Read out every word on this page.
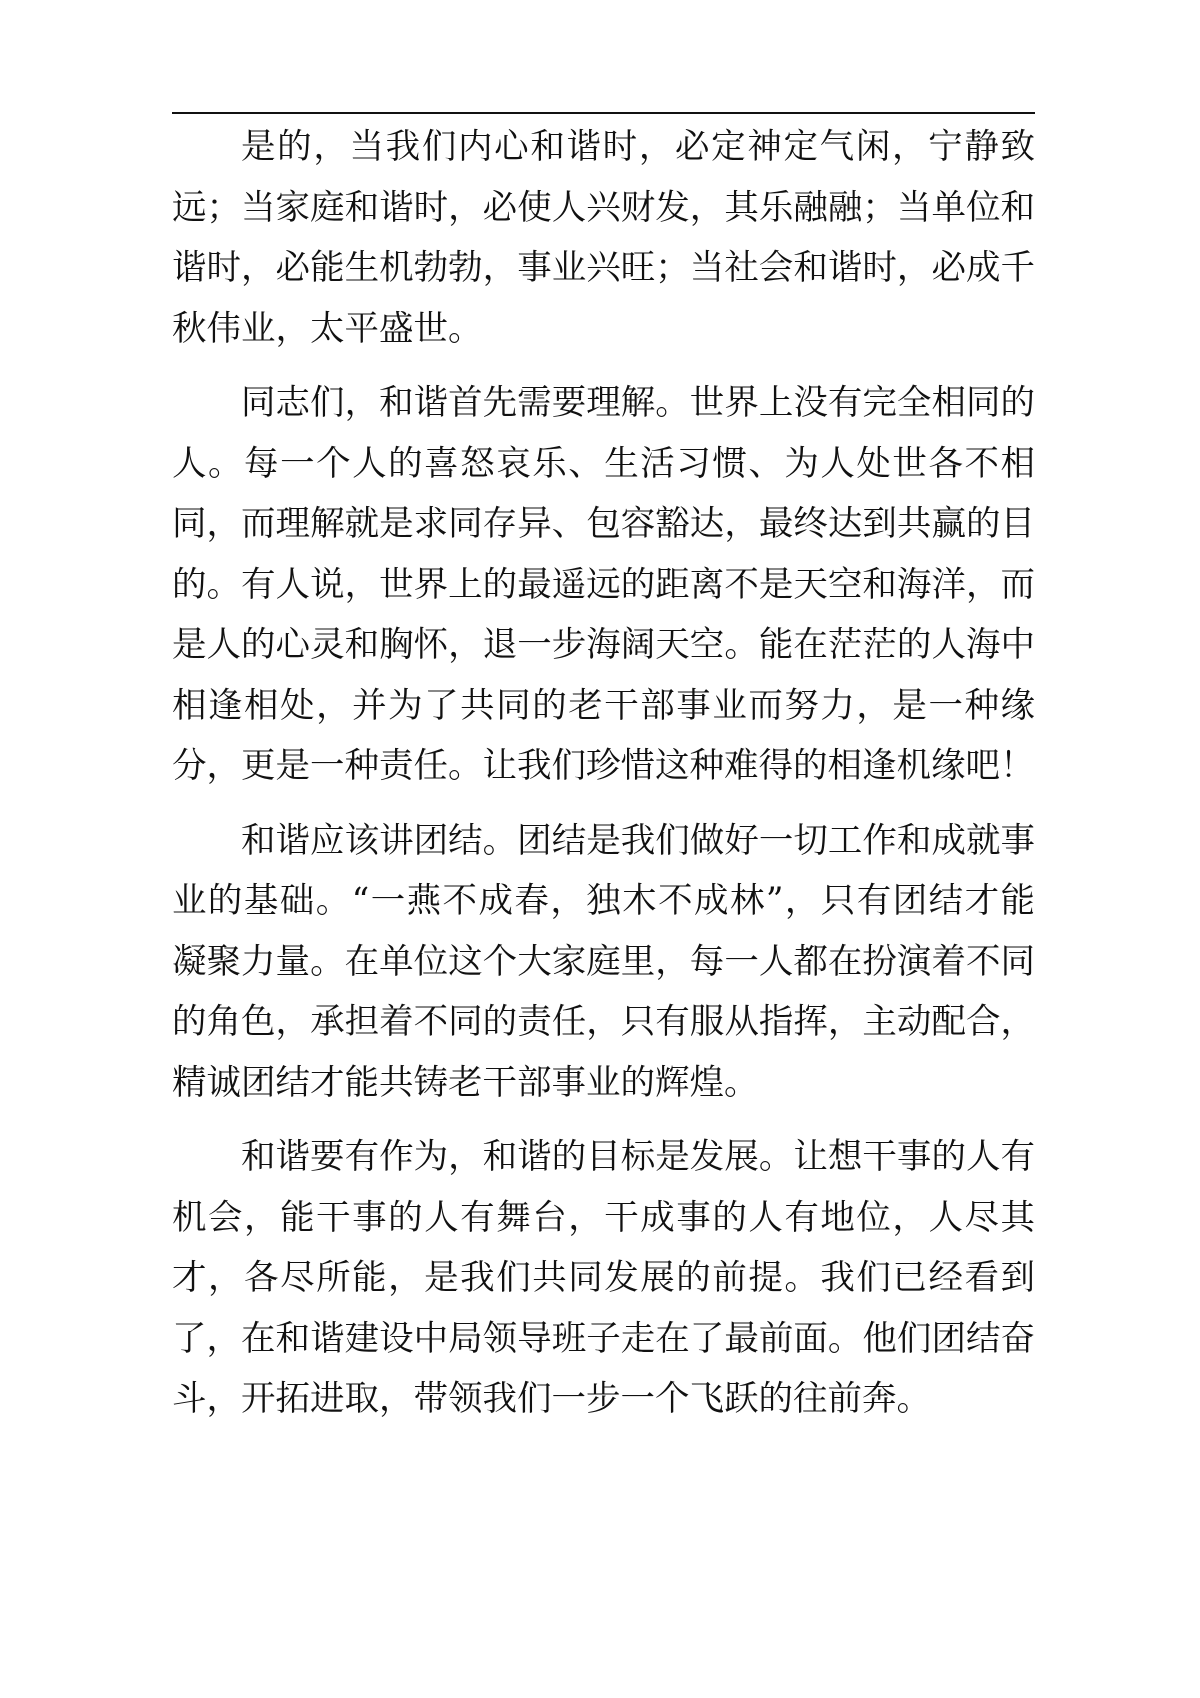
是的，当我们内心和谐时，必定神定气闲，宁静致远；当家庭和谐时，必使人兴财发，其乐融融；当单位和谐时，必能生机勃勃，事业兴旺；当社会和谐时，必成千秋伟业，太平盛世。

同志们，和谐首先需要理解。世界上没有完全相同的人。每一个人的喜怒哀乐、生活习惯、为人处世各不相同，而理解就是求同存异、包容豁达，最终达到共赢的目的。有人说，世界上的最遥远的距离不是天空和海洋，而是人的心灵和胸怀，退一步海阔天空。能在茫茫的人海中相逢相处，并为了共同的老干部事业而努力，是一种缘分，更是一种责任。让我们珍惜这种难得的相逢机缘吧！

和谐应该讲团结。团结是我们做好一切工作和成就事业的基础。“一燕不成春，独木不成林”，只有团结才能凝聚力量。在单位这个大家庭里，每一人都在扮演着不同的角色，承担着不同的责任，只有服从指挥，主动配合，精诚团结才能共铸老干部事业的辉煌。

和谐要有作为，和谐的目标是发展。让想干事的人有机会，能干事的人有舞台，干成事的人有地位，人尽其才，各尽所能，是我们共同发展的前提。我们已经看到了，在和谐建设中局领导班子走在了最前面。他们团结奋斗，开拓进取，带领我们一步一个飞跃的往前奔。
